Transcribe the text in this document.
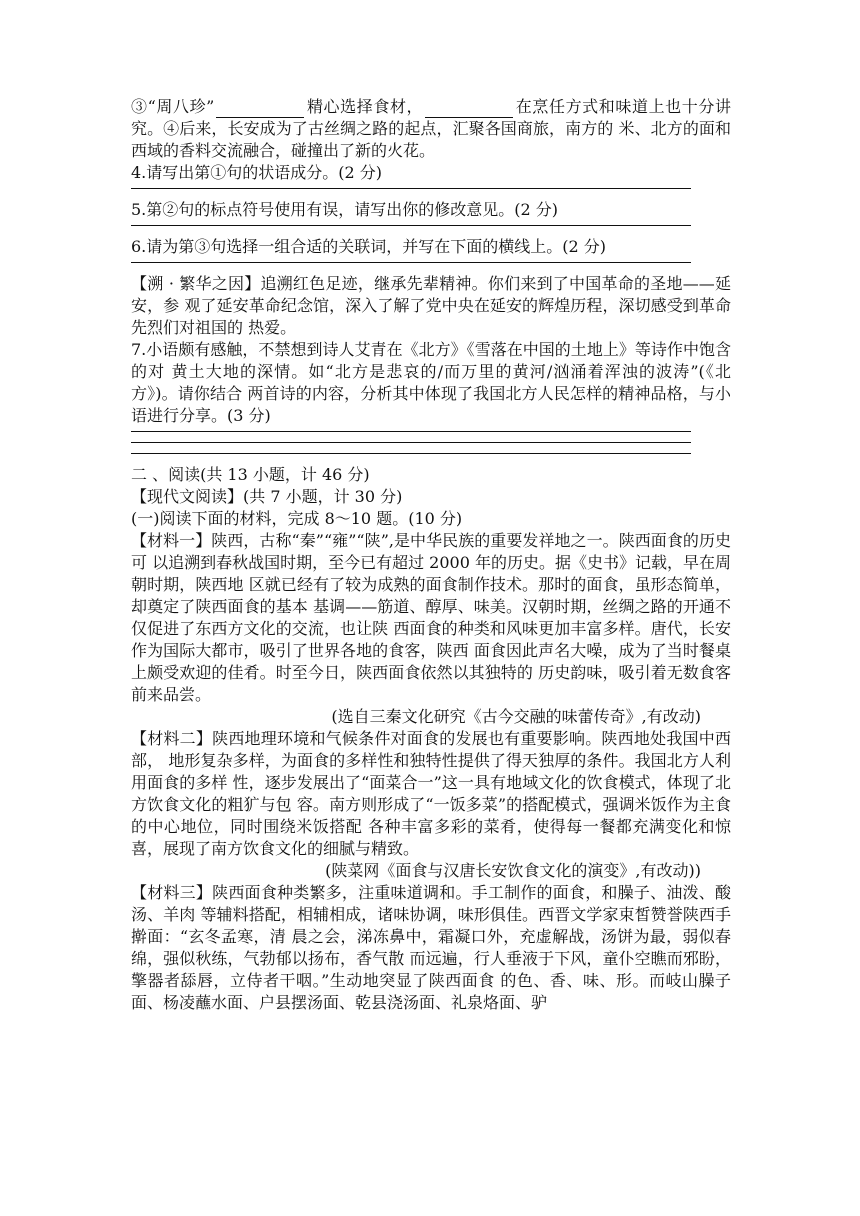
③“周八珍”	精心选择食材，	在烹任方式和味道上也十分讲究。④后来，长安成为了古丝绸之路的起点，汇聚各国商旅，南方的 米、北方的面和西域的香料交流融合，碰撞出了新的火花。

4.请写出第①句的状语成分。(2 分)

5.第②句的标点符号使用有误，请写出你的修改意见。(2 分)

6.请为第③句选择一组合适的关联词，并写在下面的横线上。(2 分)

【溯 · 繁华之因】追溯红色足迹，继承先辈精神。你们来到了中国革命的圣地——延安，参 观了延安革命纪念馆，深入了解了党中央在延安的辉煌历程，深切感受到革命先烈们对祖国的 热爱。

7.小语颇有感触，不禁想到诗人艾青在《北方》《雪落在中国的土地上》等诗作中饱含的对 黄土大地的深情。如“北方是悲哀的/而万里的黄河/汹涌着浑浊的波涛”(《北方》)。请你结合 两首诗的内容，分析其中体现了我国北方人民怎样的精神品格，与小语进行分享。(3 分)

二 、阅读(共 13 小题，计 46 分)

【现代文阅读】(共 7 小题，计 30 分)

(一)阅读下面的材料，完成 8～10 题。(10 分)

【材料一】陕西，古称“秦”“雍”“陕”,是中华民族的重要发祥地之一。陕西面食的历史可 以追溯到春秋战国时期，至今已有超过 2000 年的历史。据《史书》记载，早在周朝时期，陕西地 区就已经有了较为成熟的面食制作技术。那时的面食，虽形态简单，却奠定了陕西面食的基本 基调——筋道、醇厚、味美。汉朝时期，丝绸之路的开通不仅促进了东西方文化的交流，也让陕 西面食的种类和风味更加丰富多样。唐代，长安作为国际大都市，吸引了世界各地的食客，陕西 面食因此声名大噪，成为了当时餐桌上颇受欢迎的佳肴。时至今日，陕西面食依然以其独特的 历史韵味，吸引着无数食客前来品尝。

(选自三秦文化研究《古今交融的味蕾传奇》,有改动)

【材料二】陕西地理环境和气候条件对面食的发展也有重要影响。陕西地处我国中西部， 地形复杂多样，为面食的多样性和独特性提供了得天独厚的条件。我国北方人利用面食的多样 性，逐步发展出了“面菜合一”这一具有地域文化的饮食模式，体现了北方饮食文化的粗犷与包 容。南方则形成了“一饭多菜”的搭配模式，强调米饭作为主食的中心地位，同时围绕米饭搭配 各种丰富多彩的菜肴，使得每一餐都充满变化和惊喜，展现了南方饮食文化的细腻与精致。

(陕菜网《面食与汉唐长安饮食文化的演变》,有改动))

【材料三】陕西面食种类繁多，注重味道调和。手工制作的面食，和臊子、油泼、酸汤、羊肉 等辅料搭配，相辅相成，诸味协调，味形俱佳。西晋文学家束皙赞誉陕西手擀面：“玄冬孟寒，清 晨之会，涕冻鼻中，霜凝口外，充虚解战，汤饼为最，弱似春绵，强似秋练，气勃郁以扬布，香气散 而远遍，行人垂液于下风，童仆空瞧而邪盼，擎器者舔唇，立侍者干咽。”生动地突显了陕西面食 的色、香、味、形。而岐山臊子面、杨凌蘸水面、户县摆汤面、乾县浇汤面、礼泉烙面、驴
